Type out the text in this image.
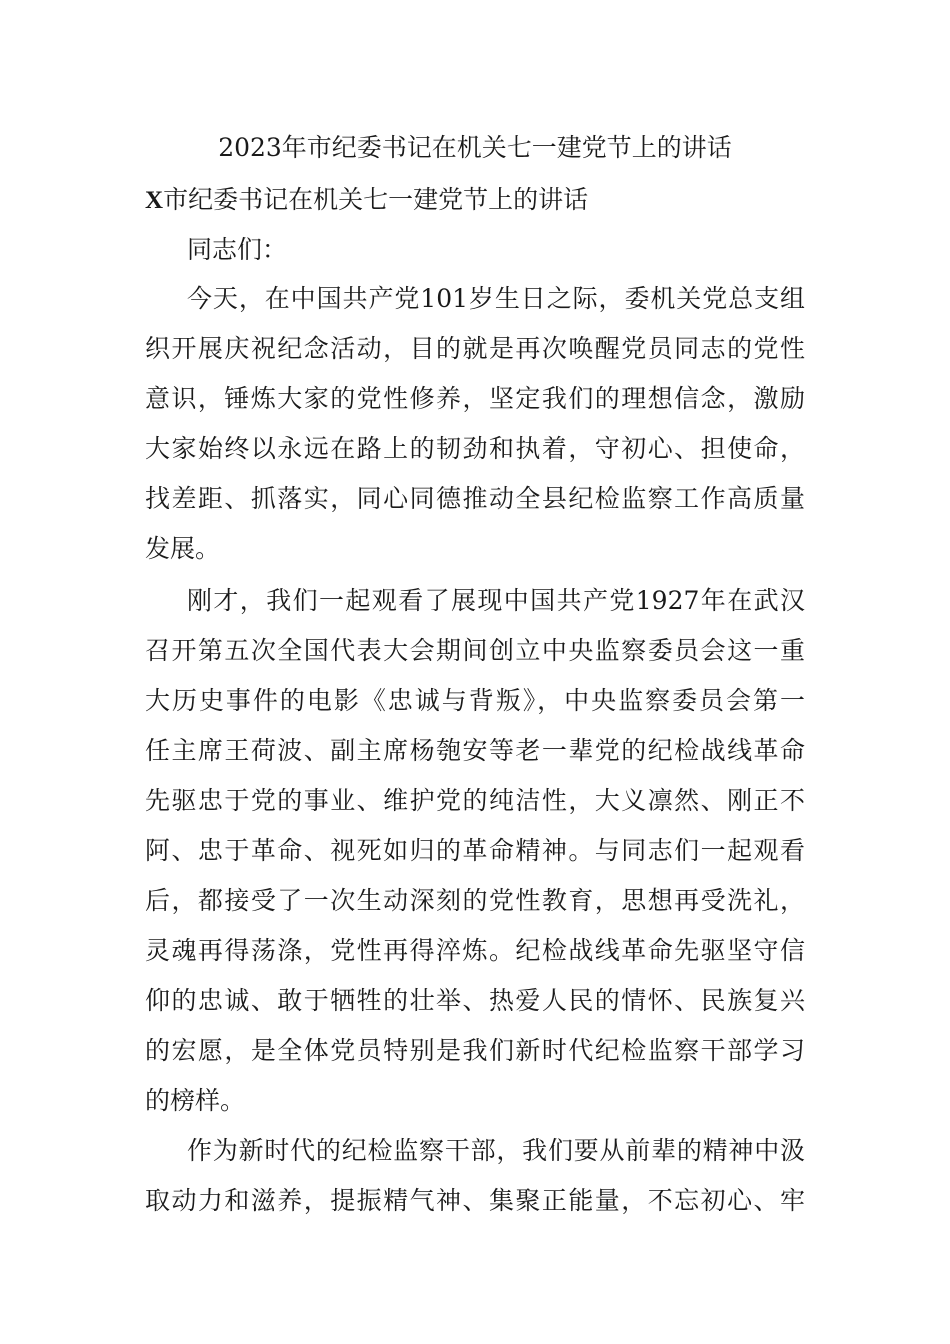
2023年市纪委书记在机关七一建党节上的讲话
X市纪委书记在机关七一建党节上的讲话
同志们：
今天，在中国共产党101岁生日之际，委机关党总支组
织开展庆祝纪念活动，目的就是再次唤醒党员同志的党性
意识，锤炼大家的党性修养，坚定我们的理想信念，激励
大家始终以永远在路上的韧劲和执着，守初心、担使命，
找差距、抓落实，同心同德推动全县纪检监察工作高质量
发展。
刚才，我们一起观看了展现中国共产党1927年在武汉
召开第五次全国代表大会期间创立中央监察委员会这一重
大历史事件的电影《忠诚与背叛》，中央监察委员会第一
任主席王荷波、副主席杨匏安等老一辈党的纪检战线革命
先驱忠于党的事业、维护党的纯洁性，大义凛然、刚正不
阿、忠于革命、视死如归的革命精神。与同志们一起观看
后，都接受了一次生动深刻的党性教育，思想再受洗礼，
灵魂再得荡涤，党性再得淬炼。纪检战线革命先驱坚守信
仰的忠诚、敢于牺牲的壮举、热爱人民的情怀、民族复兴
的宏愿，是全体党员特别是我们新时代纪检监察干部学习
的榜样。
作为新时代的纪检监察干部，我们要从前辈的精神中汲
取动力和滋养，提振精气神、集聚正能量，不忘初心、牢
